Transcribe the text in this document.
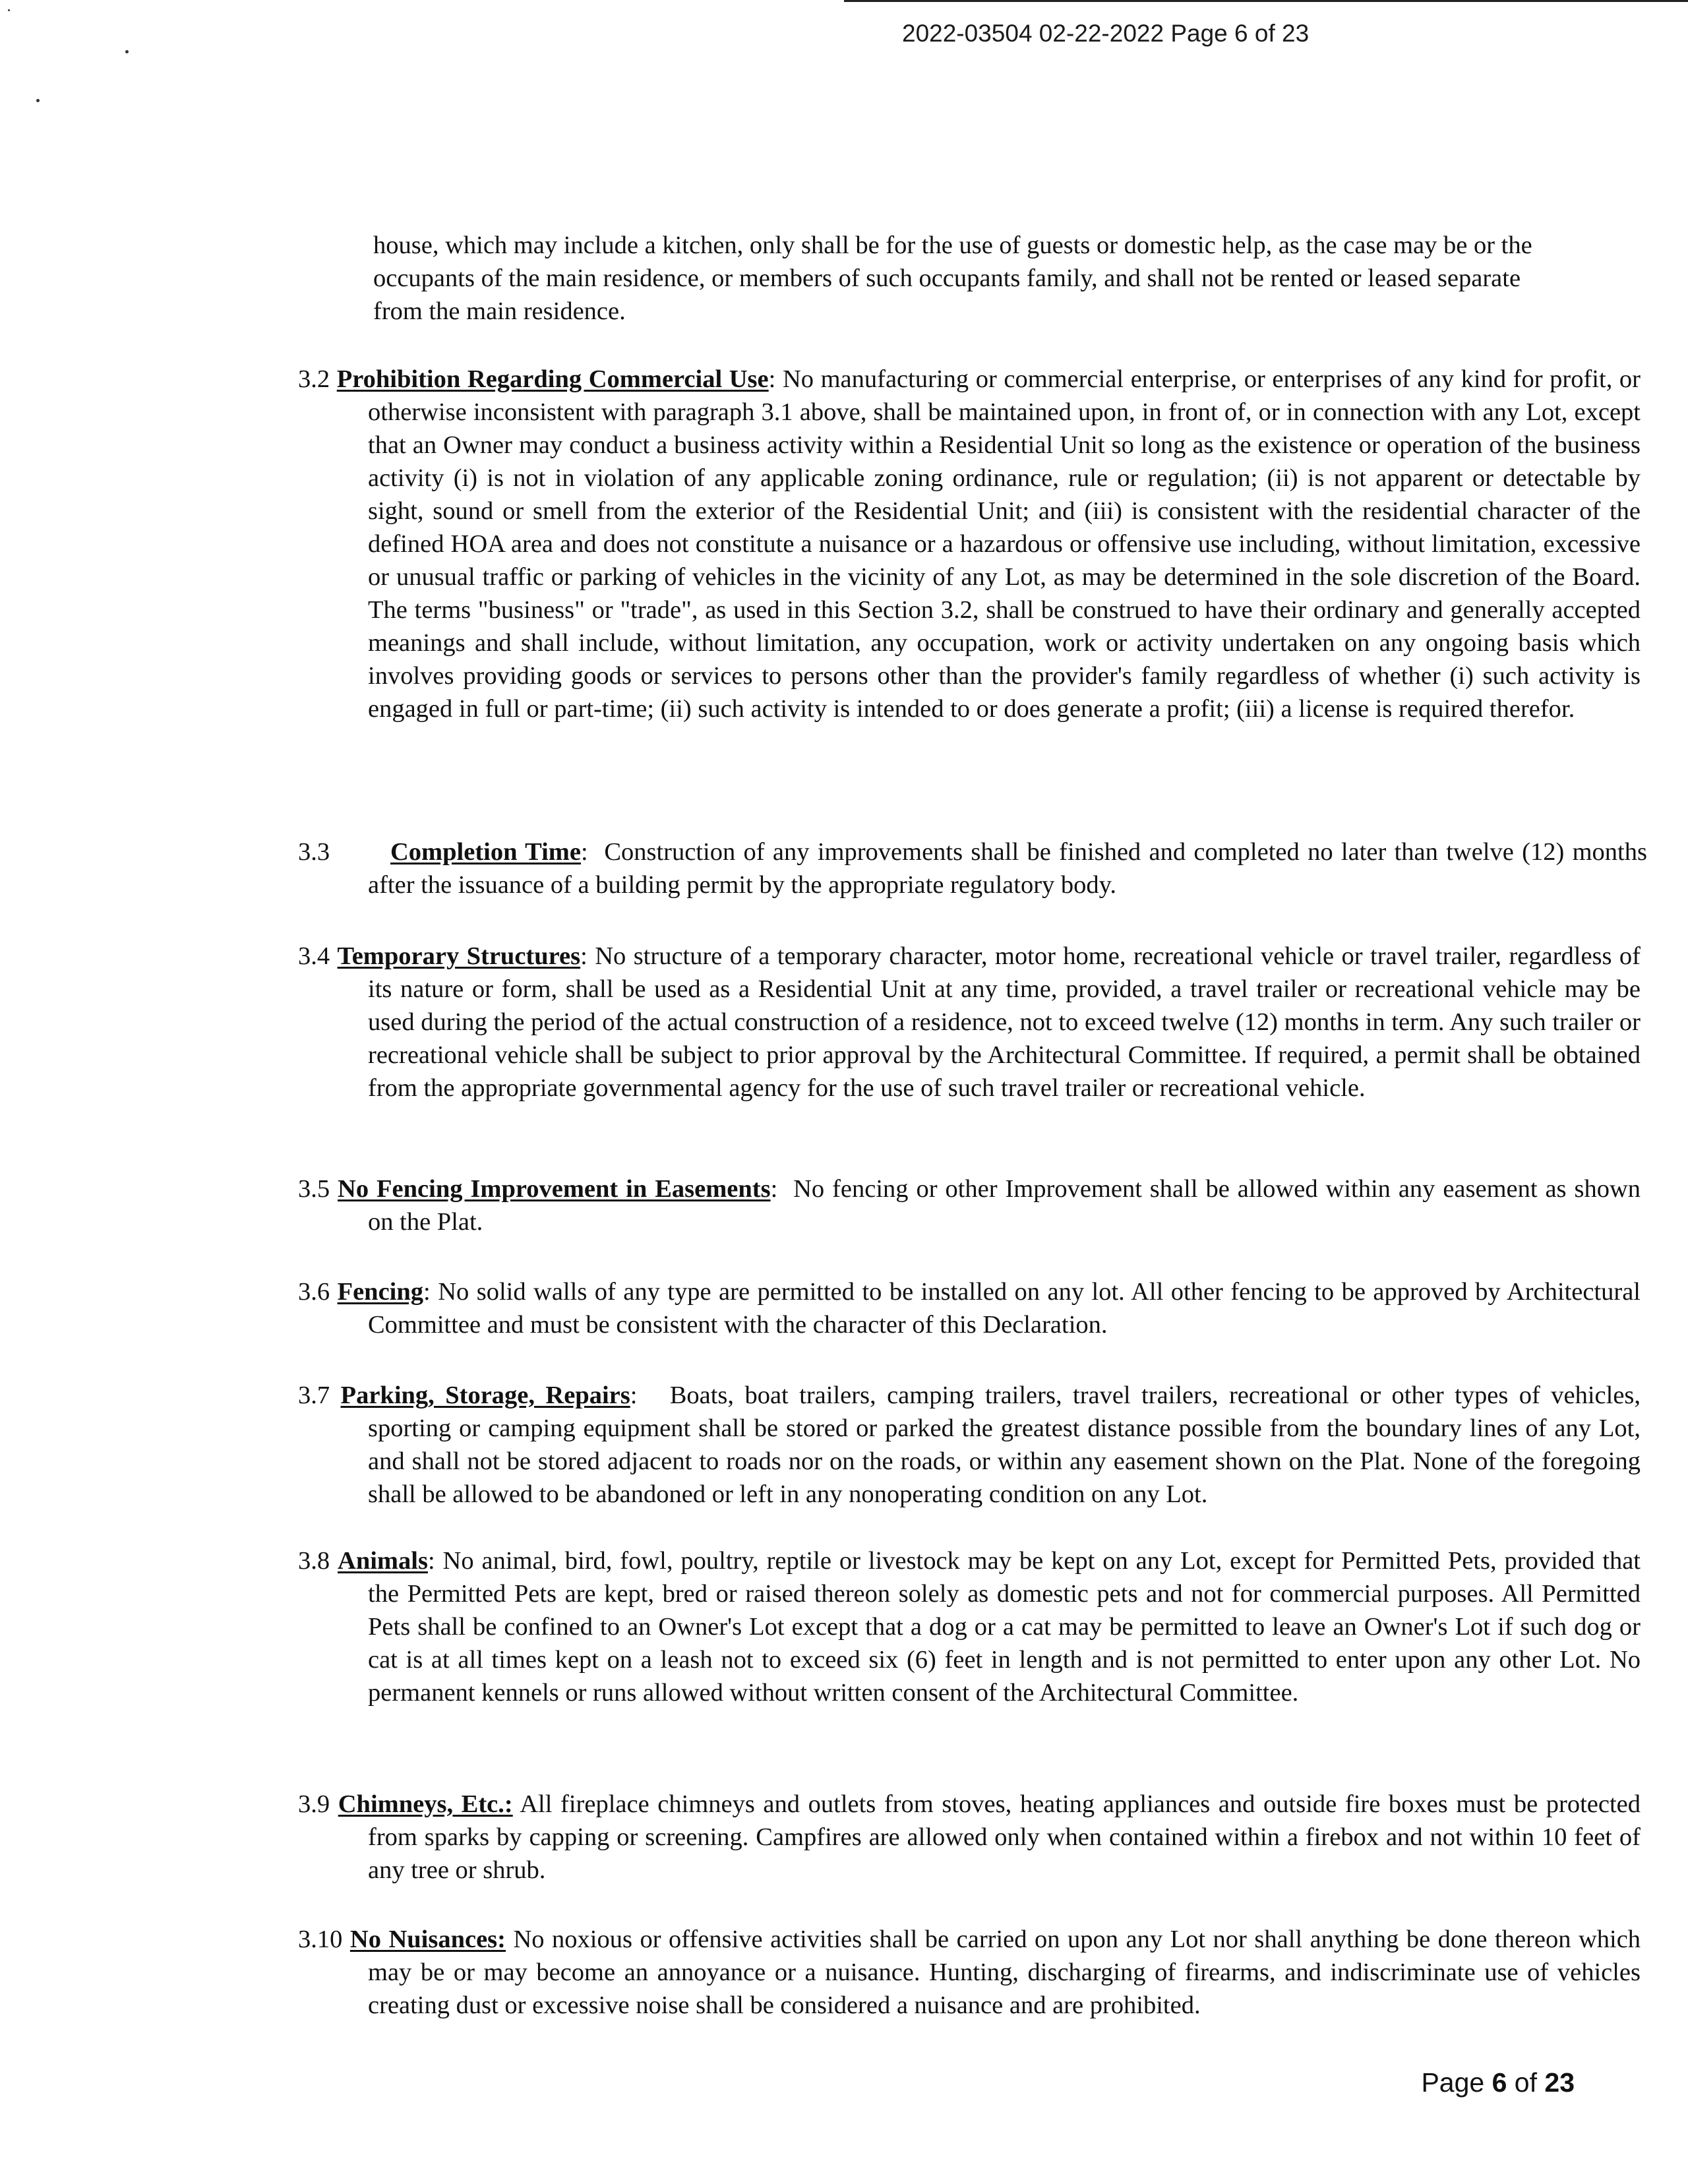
2022-03504 02-22-2022 Page 6 of 23

house, which may include a kitchen, only shall be for the use of guests or domestic help, as the case may be or the occupants of the main residence, or members of such occupants family, and shall not be rented or leased separate from the main residence.

3.2 Prohibition Regarding Commercial Use: No manufacturing or commercial enterprise, or enterprises of any kind for profit, or otherwise inconsistent with paragraph 3.1 above, shall be maintained upon, in front of, or in connection with any Lot, except that an Owner may conduct a business activity within a Residential Unit so long as the existence or operation of the business activity (i) is not in violation of any applicable zoning ordinance, rule or regulation; (ii) is not apparent or detectable by sight, sound or smell from the exterior of the Residential Unit; and (iii) is consistent with the residential character of the defined HOA area and does not constitute a nuisance or a hazardous or offensive use including, without limitation, excessive or unusual traffic or parking of vehicles in the vicinity of any Lot, as may be determined in the sole discretion of the Board. The terms "business" or "trade", as used in this Section 3.2, shall be construed to have their ordinary and generally accepted meanings and shall include, without limitation, any occupation, work or activity undertaken on any ongoing basis which involves providing goods or services to persons other than the provider's family regardless of whether (i) such activity is engaged in full or part-time; (ii) such activity is intended to or does generate a profit; (iii) a license is required therefor.

3.3 Completion Time:  Construction of any improvements shall be finished and completed no later than twelve (12) months after the issuance of a building permit by the appropriate regulatory body.

3.4 Temporary Structures: No structure of a temporary character, motor home, recreational vehicle or travel trailer, regardless of its nature or form, shall be used as a Residential Unit at any time, provided, a travel trailer or recreational vehicle may be used during the period of the actual construction of a residence, not to exceed twelve (12) months in term. Any such trailer or recreational vehicle shall be subject to prior approval by the Architectural Committee. If required, a permit shall be obtained from the appropriate governmental agency for the use of such travel trailer or recreational vehicle.

3.5 No Fencing Improvement in Easements:  No fencing or other Improvement shall be allowed within any easement as shown on the Plat.

3.6 Fencing: No solid walls of any type are permitted to be installed on any lot. All other fencing to be approved by Architectural Committee and must be consistent with the character of this Declaration.

3.7 Parking, Storage, Repairs:   Boats, boat trailers, camping trailers, travel trailers, recreational or other types of vehicles, sporting or camping equipment shall be stored or parked the greatest distance possible from the boundary lines of any Lot, and shall not be stored adjacent to roads nor on the roads, or within any easement shown on the Plat. None of the foregoing shall be allowed to be abandoned or left in any nonoperating condition on any Lot.

3.8 Animals: No animal, bird, fowl, poultry, reptile or livestock may be kept on any Lot, except for Permitted Pets, provided that the Permitted Pets are kept, bred or raised thereon solely as domestic pets and not for commercial purposes. All Permitted Pets shall be confined to an Owner's Lot except that a dog or a cat may be permitted to leave an Owner's Lot if such dog or cat is at all times kept on a leash not to exceed six (6) feet in length and is not permitted to enter upon any other Lot. No permanent kennels or runs allowed without written consent of the Architectural Committee.

3.9 Chimneys, Etc.: All fireplace chimneys and outlets from stoves, heating appliances and outside fire boxes must be protected from sparks by capping or screening. Campfires are allowed only when contained within a firebox and not within 10 feet of any tree or shrub.

3.10 No Nuisances: No noxious or offensive activities shall be carried on upon any Lot nor shall anything be done thereon which may be or may become an annoyance or a nuisance. Hunting, discharging of firearms, and indiscriminate use of vehicles creating dust or excessive noise shall be considered a nuisance and are prohibited.

Page 6 of 23
